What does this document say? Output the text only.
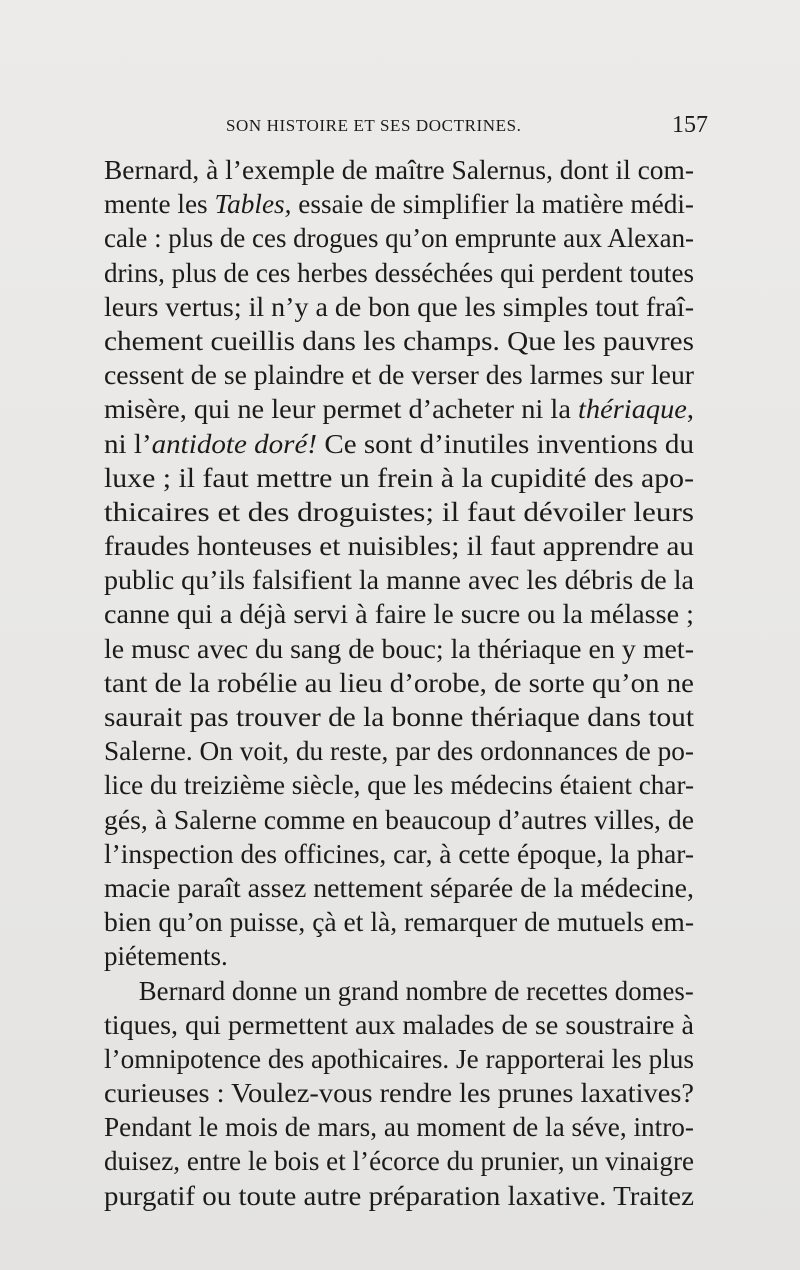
SON HISTOIRE ET SES DOCTRINES.	157
Bernard, à l’exemple de maître Salernus, dont il com-
mente les Tables, essaie de simplifier la matière médi-
cale : plus de ces drogues qu’on emprunte aux Alexan-
drins, plus de ces herbes desséchées qui perdent toutes
leurs vertus; il n’y a de bon que les simples tout fraî-
chement cueillis dans les champs. Que les pauvres
cessent de se plaindre et de verser des larmes sur leur
misère, qui ne leur permet d’acheter ni la thériaque,
ni l’antidote doré! Ce sont d’inutiles inventions du
luxe ; il faut mettre un frein à la cupidité des apo-
thicaires et des droguistes; il faut dévoiler leurs
fraudes honteuses et nuisibles; il faut apprendre au
public qu’ils falsifient la manne avec les débris de la
canne qui a déjà servi à faire le sucre ou la mélasse ;
le musc avec du sang de bouc; la thériaque en y met-
tant de la robélie au lieu d’orobe, de sorte qu’on ne
saurait pas trouver de la bonne thériaque dans tout
Salerne. On voit, du reste, par des ordonnances de po-
lice du treizième siècle, que les médecins étaient char-
gés, à Salerne comme en beaucoup d’autres villes, de
l’inspection des officines, car, à cette époque, la phar-
macie paraît assez nettement séparée de la médecine,
bien qu’on puisse, çà et là, remarquer de mutuels em-
piétements.
Bernard donne un grand nombre de recettes domes-
tiques, qui permettent aux malades de se soustraire à
l’omnipotence des apothicaires. Je rapporterai les plus
curieuses : Voulez-vous rendre les prunes laxatives?
Pendant le mois de mars, au moment de la séve, intro-
duisez, entre le bois et l’écorce du prunier, un vinaigre
purgatif ou toute autre préparation laxative. Traitez
